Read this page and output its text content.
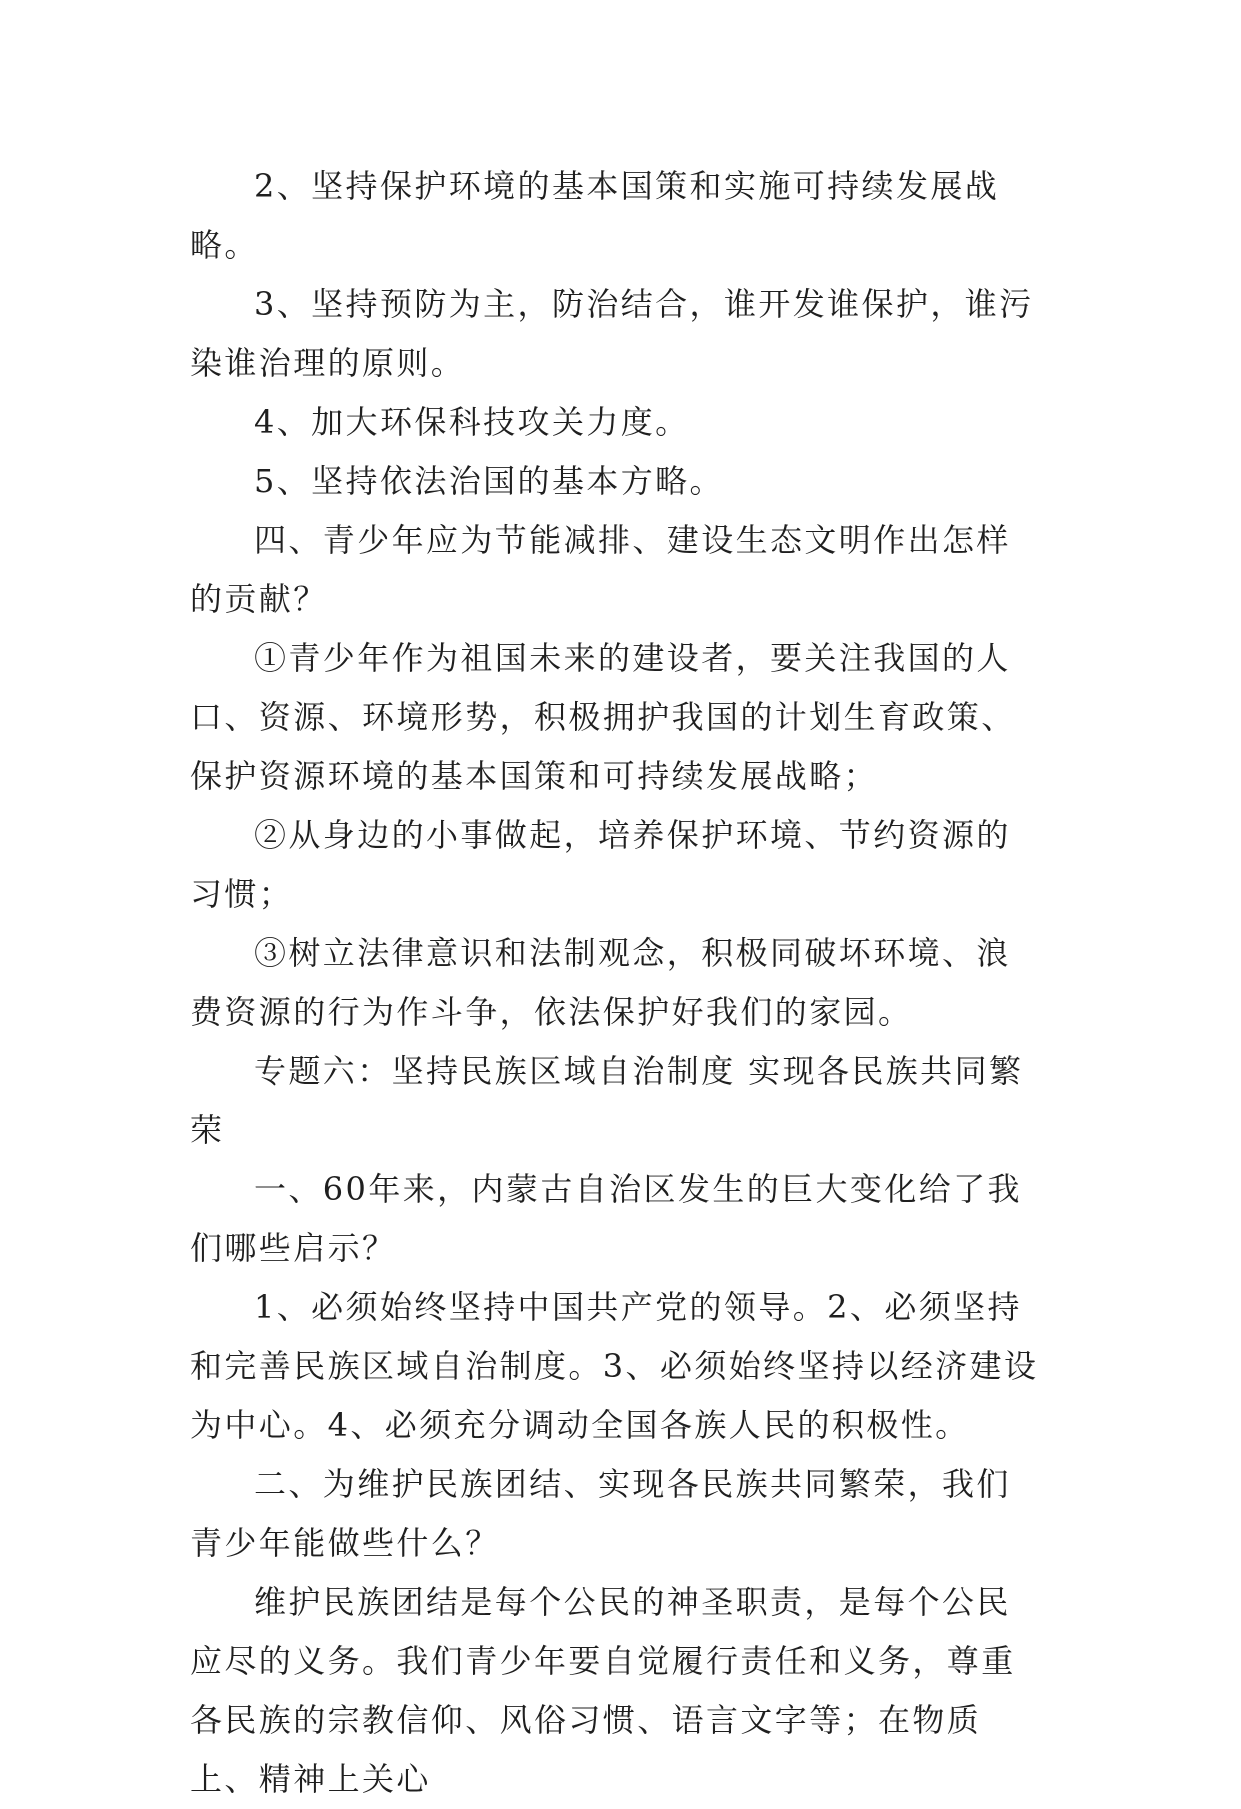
2、坚持保护环境的基本国策和实施可持续发展战略。

3、坚持预防为主，防治结合，谁开发谁保护，谁污染谁治理的原则。

4、加大环保科技攻关力度。

5、坚持依法治国的基本方略。

四、青少年应为节能减排、建设生态文明作出怎样的贡献？

①青少年作为祖国未来的建设者，要关注我国的人口、资源、环境形势，积极拥护我国的计划生育政策、保护资源环境的基本国策和可持续发展战略；

②从身边的小事做起，培养保护环境、节约资源的习惯；

③树立法律意识和法制观念，积极同破坏环境、浪费资源的行为作斗争，依法保护好我们的家园。

专题六：坚持民族区域自治制度 实现各民族共同繁荣

一、60年来，内蒙古自治区发生的巨大变化给了我们哪些启示？

1、必须始终坚持中国共产党的领导。2、必须坚持和完善民族区域自治制度。3、必须始终坚持以经济建设为中心。4、必须充分调动全国各族人民的积极性。

二、为维护民族团结、实现各民族共同繁荣，我们青少年能做些什么？

维护民族团结是每个公民的神圣职责，是每个公民应尽的义务。我们青少年要自觉履行责任和义务，尊重各民族的宗教信仰、风俗习惯、语言文字等；在物质上、精神上关心
